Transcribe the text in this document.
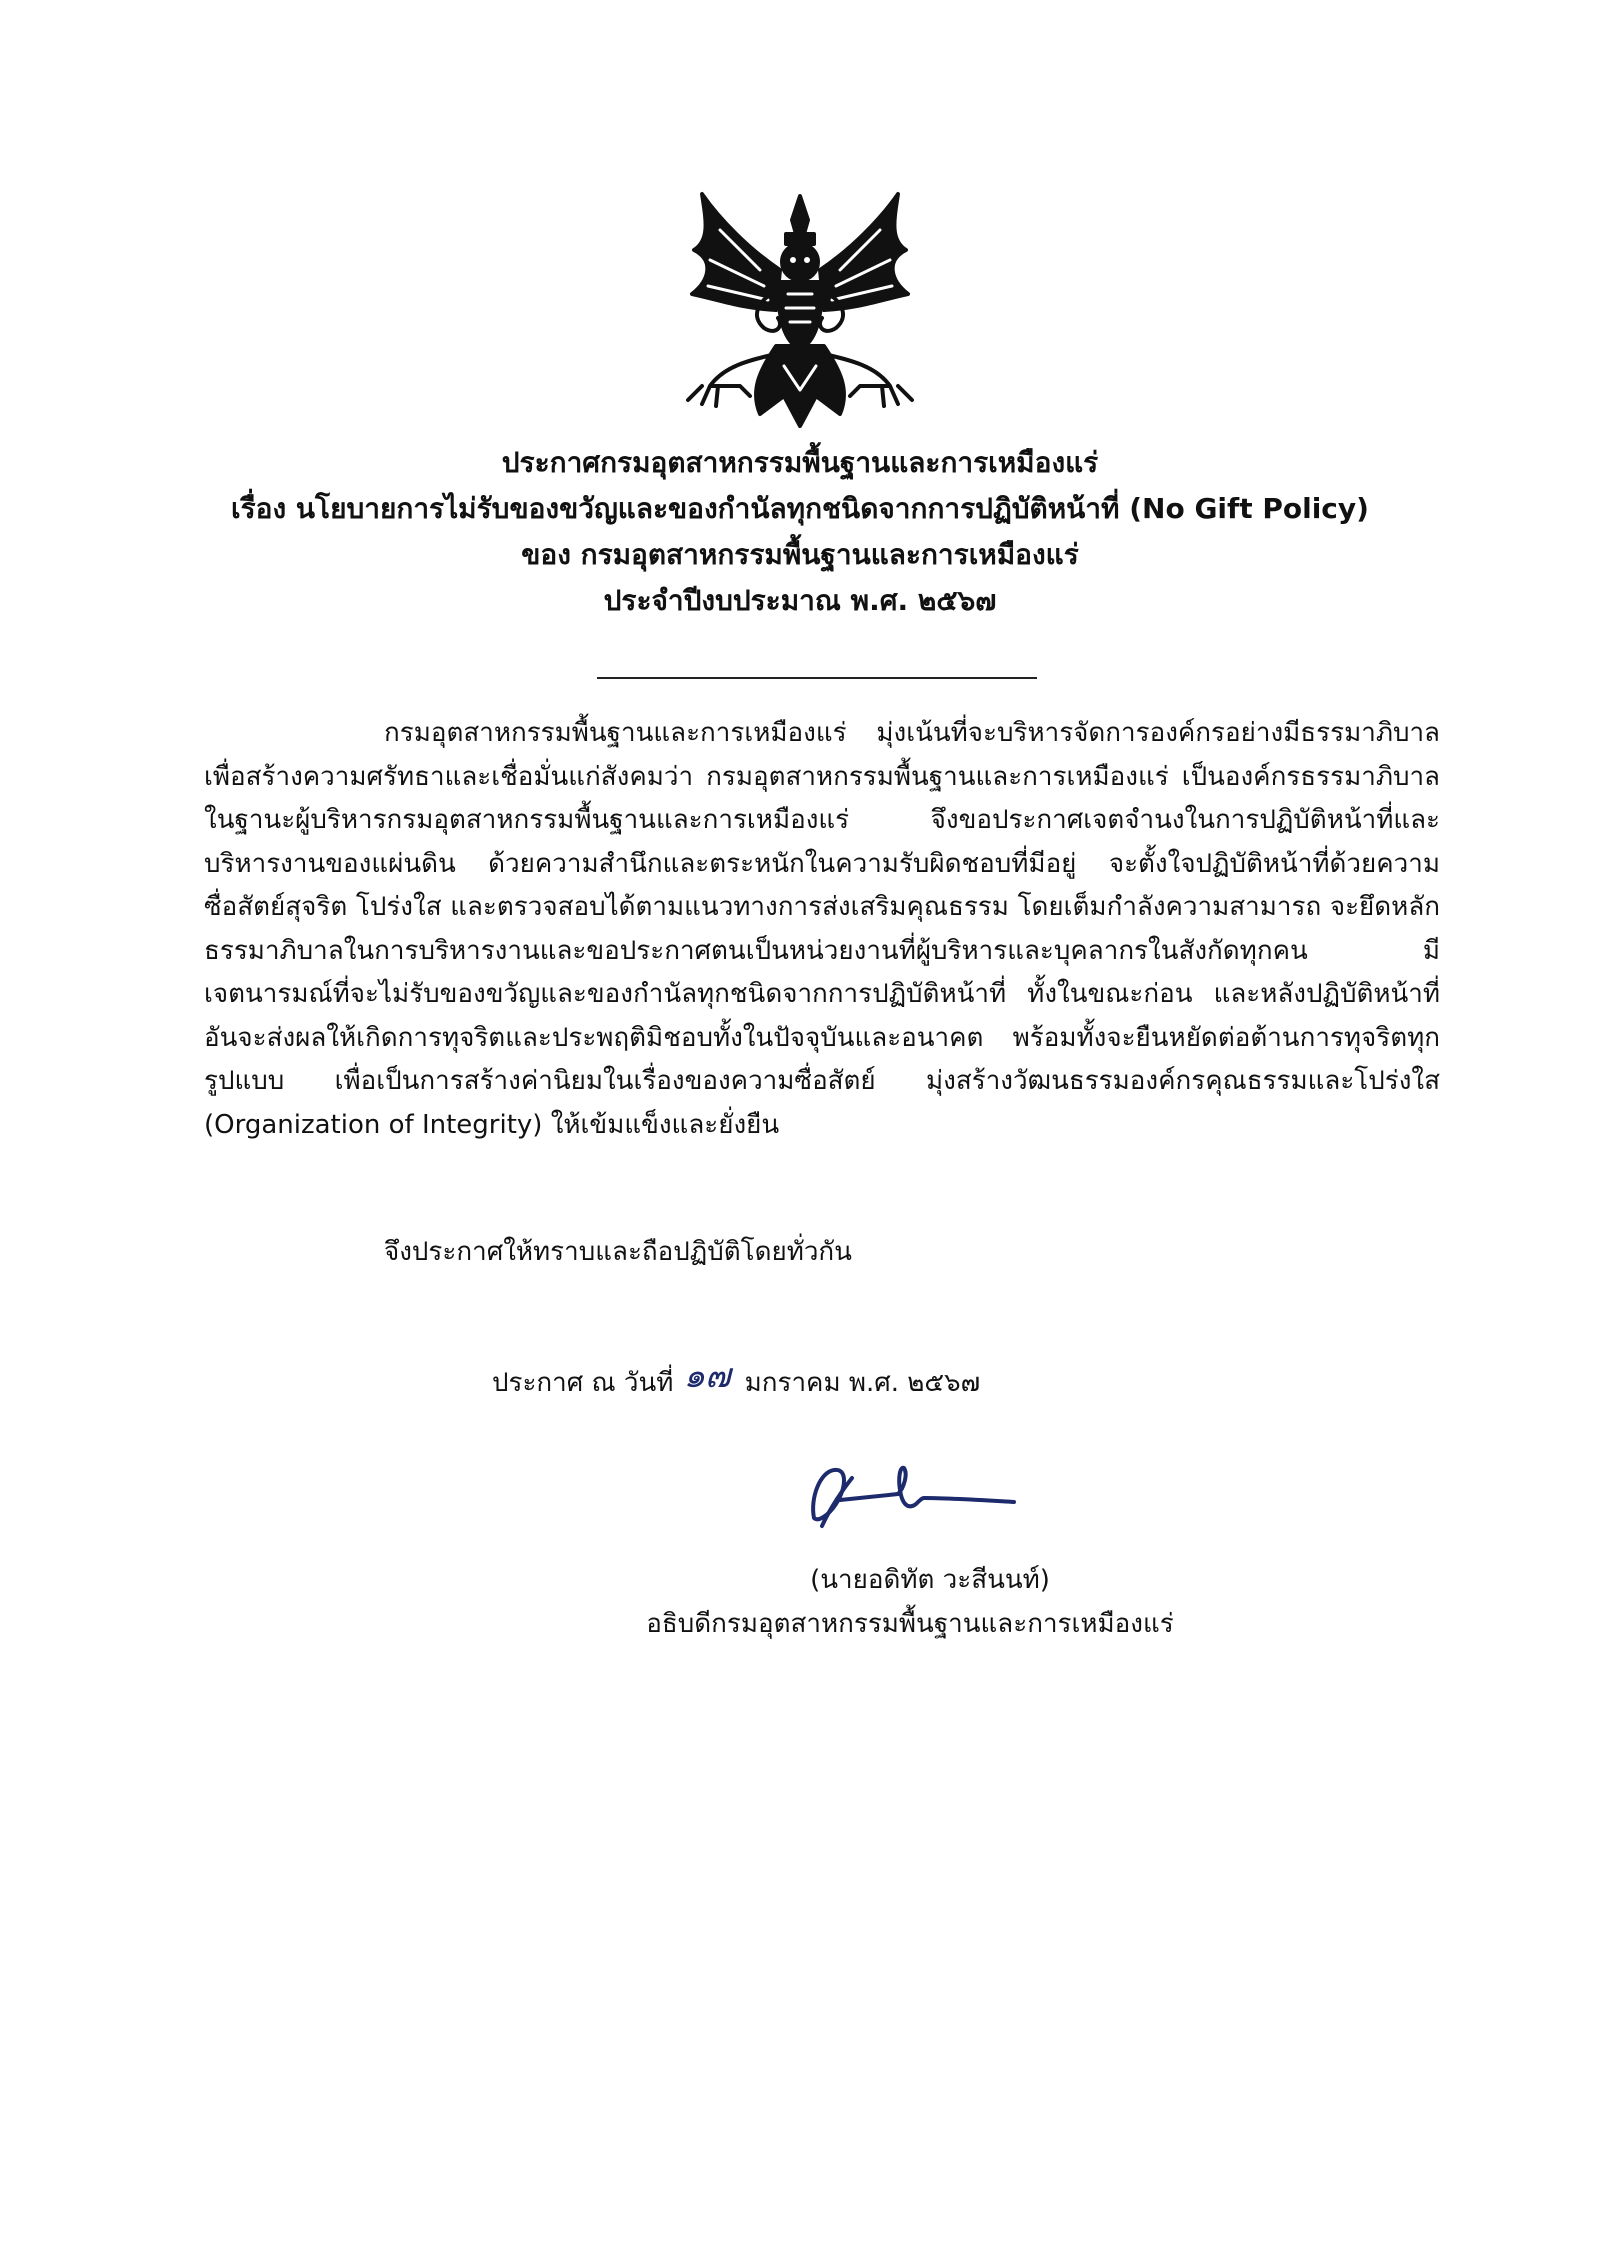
ประกาศกรมอุตสาหกรรมพื้นฐานและการเหมืองแร่
เรื่อง นโยบายการไม่รับของขวัญและของกำนัลทุกชนิดจากการปฏิบัติหน้าที่ (No Gift Policy)
ของ กรมอุตสาหกรรมพื้นฐานและการเหมืองแร่
ประจำปีงบประมาณ พ.ศ. ๒๕๖๗

กรมอุตสาหกรรมพื้นฐานและการเหมืองแร่ มุ่งเน้นที่จะบริหารจัดการองค์กรอย่างมีธรรมาภิบาล เพื่อสร้างความศรัทธาและเชื่อมั่นแก่สังคมว่า กรมอุตสาหกรรมพื้นฐานและการเหมืองแร่ เป็นองค์กรธรรมาภิบาล ในฐานะผู้บริหารกรมอุตสาหกรรมพื้นฐานและการเหมืองแร่ จึงขอประกาศเจตจำนงในการปฏิบัติหน้าที่และบริหารงานของแผ่นดิน ด้วยความสำนึกและตระหนักในความรับผิดชอบที่มีอยู่ จะตั้งใจปฏิบัติหน้าที่ด้วยความซื่อสัตย์สุจริต โปร่งใส และตรวจสอบได้ตามแนวทางการส่งเสริมคุณธรรม โดยเต็มกำลังความสามารถ จะยึดหลักธรรมาภิบาลในการบริหารงานและขอประกาศตนเป็นหน่วยงานที่ผู้บริหารและบุคลากรในสังกัดทุกคน มีเจตนารมณ์ที่จะไม่รับของขวัญและของกำนัลทุกชนิดจากการปฏิบัติหน้าที่ ทั้งในขณะก่อน และหลังปฏิบัติหน้าที่ อันจะส่งผลให้เกิดการทุจริตและประพฤติมิชอบทั้งในปัจจุบันและอนาคต พร้อมทั้งจะยืนหยัดต่อต้านการทุจริตทุกรูปแบบ เพื่อเป็นการสร้างค่านิยมในเรื่องของความซื่อสัตย์ มุ่งสร้างวัฒนธรรมองค์กรคุณธรรมและโปร่งใส (Organization of Integrity) ให้เข้มแข็งและยั่งยืน

จึงประกาศให้ทราบและถือปฏิบัติโดยทั่วกัน
ประกาศ ณ วันที่ ๑๗ มกราคม พ.ศ. ๒๕๖๗
(นายอดิทัต วะสีนนท์)
อธิบดีกรมอุตสาหกรรมพื้นฐานและการเหมืองแร่
